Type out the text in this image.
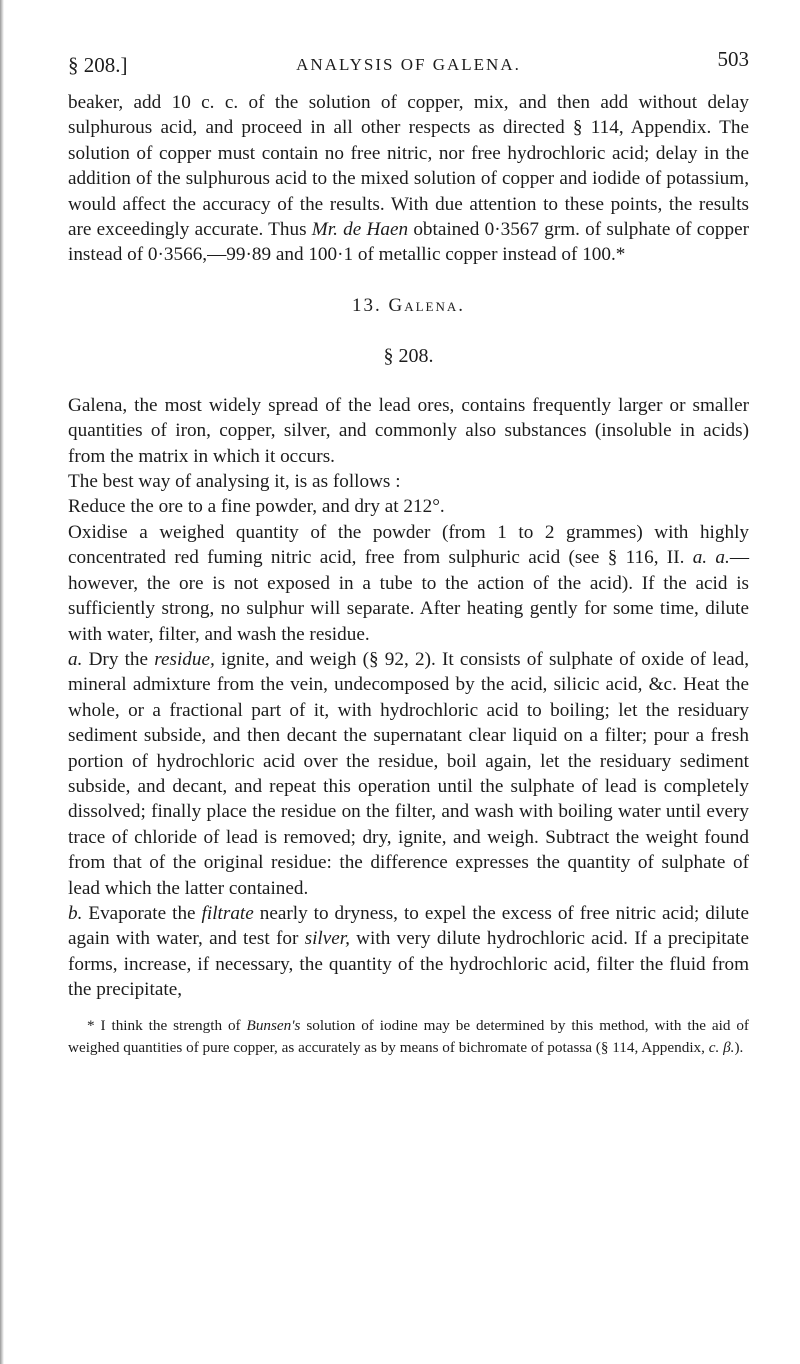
§ 208.]	ANALYSIS OF GALENA.	503

beaker, add 10 c. c. of the solution of copper, mix, and then add without delay sulphurous acid, and proceed in all other respects as directed § 114, Appendix. The solution of copper must contain no free nitric, nor free hydrochloric acid; delay in the addition of the sulphurous acid to the mixed solution of copper and iodide of potassium, would affect the accuracy of the results. With due attention to these points, the results are exceedingly accurate. Thus Mr. de Haen obtained 0·3567 grm. of sulphate of copper instead of 0·3566,—99·89 and 100·1 of metallic copper instead of 100.*

13. Galena.
§ 208.

Galena, the most widely spread of the lead ores, contains frequently larger or smaller quantities of iron, copper, silver, and commonly also substances (insoluble in acids) from the matrix in which it occurs.

The best way of analysing it, is as follows :

Reduce the ore to a fine powder, and dry at 212°.

Oxidise a weighed quantity of the powder (from 1 to 2 grammes) with highly concentrated red fuming nitric acid, free from sulphuric acid (see § 116, II. a. a.—however, the ore is not exposed in a tube to the action of the acid). If the acid is sufficiently strong, no sulphur will separate. After heating gently for some time, dilute with water, filter, and wash the residue.

a. Dry the residue, ignite, and weigh (§ 92, 2). It consists of sulphate of oxide of lead, mineral admixture from the vein, undecomposed by the acid, silicic acid, &c. Heat the whole, or a fractional part of it, with hydrochloric acid to boiling; let the residuary sediment subside, and then decant the supernatant clear liquid on a filter; pour a fresh portion of hydrochloric acid over the residue, boil again, let the residuary sediment subside, and decant, and repeat this operation until the sulphate of lead is completely dissolved; finally place the residue on the filter, and wash with boiling water until every trace of chloride of lead is removed; dry, ignite, and weigh. Subtract the weight found from that of the original residue: the difference expresses the quantity of sulphate of lead which the latter contained.

b. Evaporate the filtrate nearly to dryness, to expel the excess of free nitric acid; dilute again with water, and test for silver, with very dilute hydrochloric acid. If a precipitate forms, increase, if necessary, the quantity of the hydrochloric acid, filter the fluid from the precipitate,

* I think the strength of Bunsen's solution of iodine may be determined by this method, with the aid of weighed quantities of pure copper, as accurately as by means of bichromate of potassa (§ 114, Appendix, c. β.).
